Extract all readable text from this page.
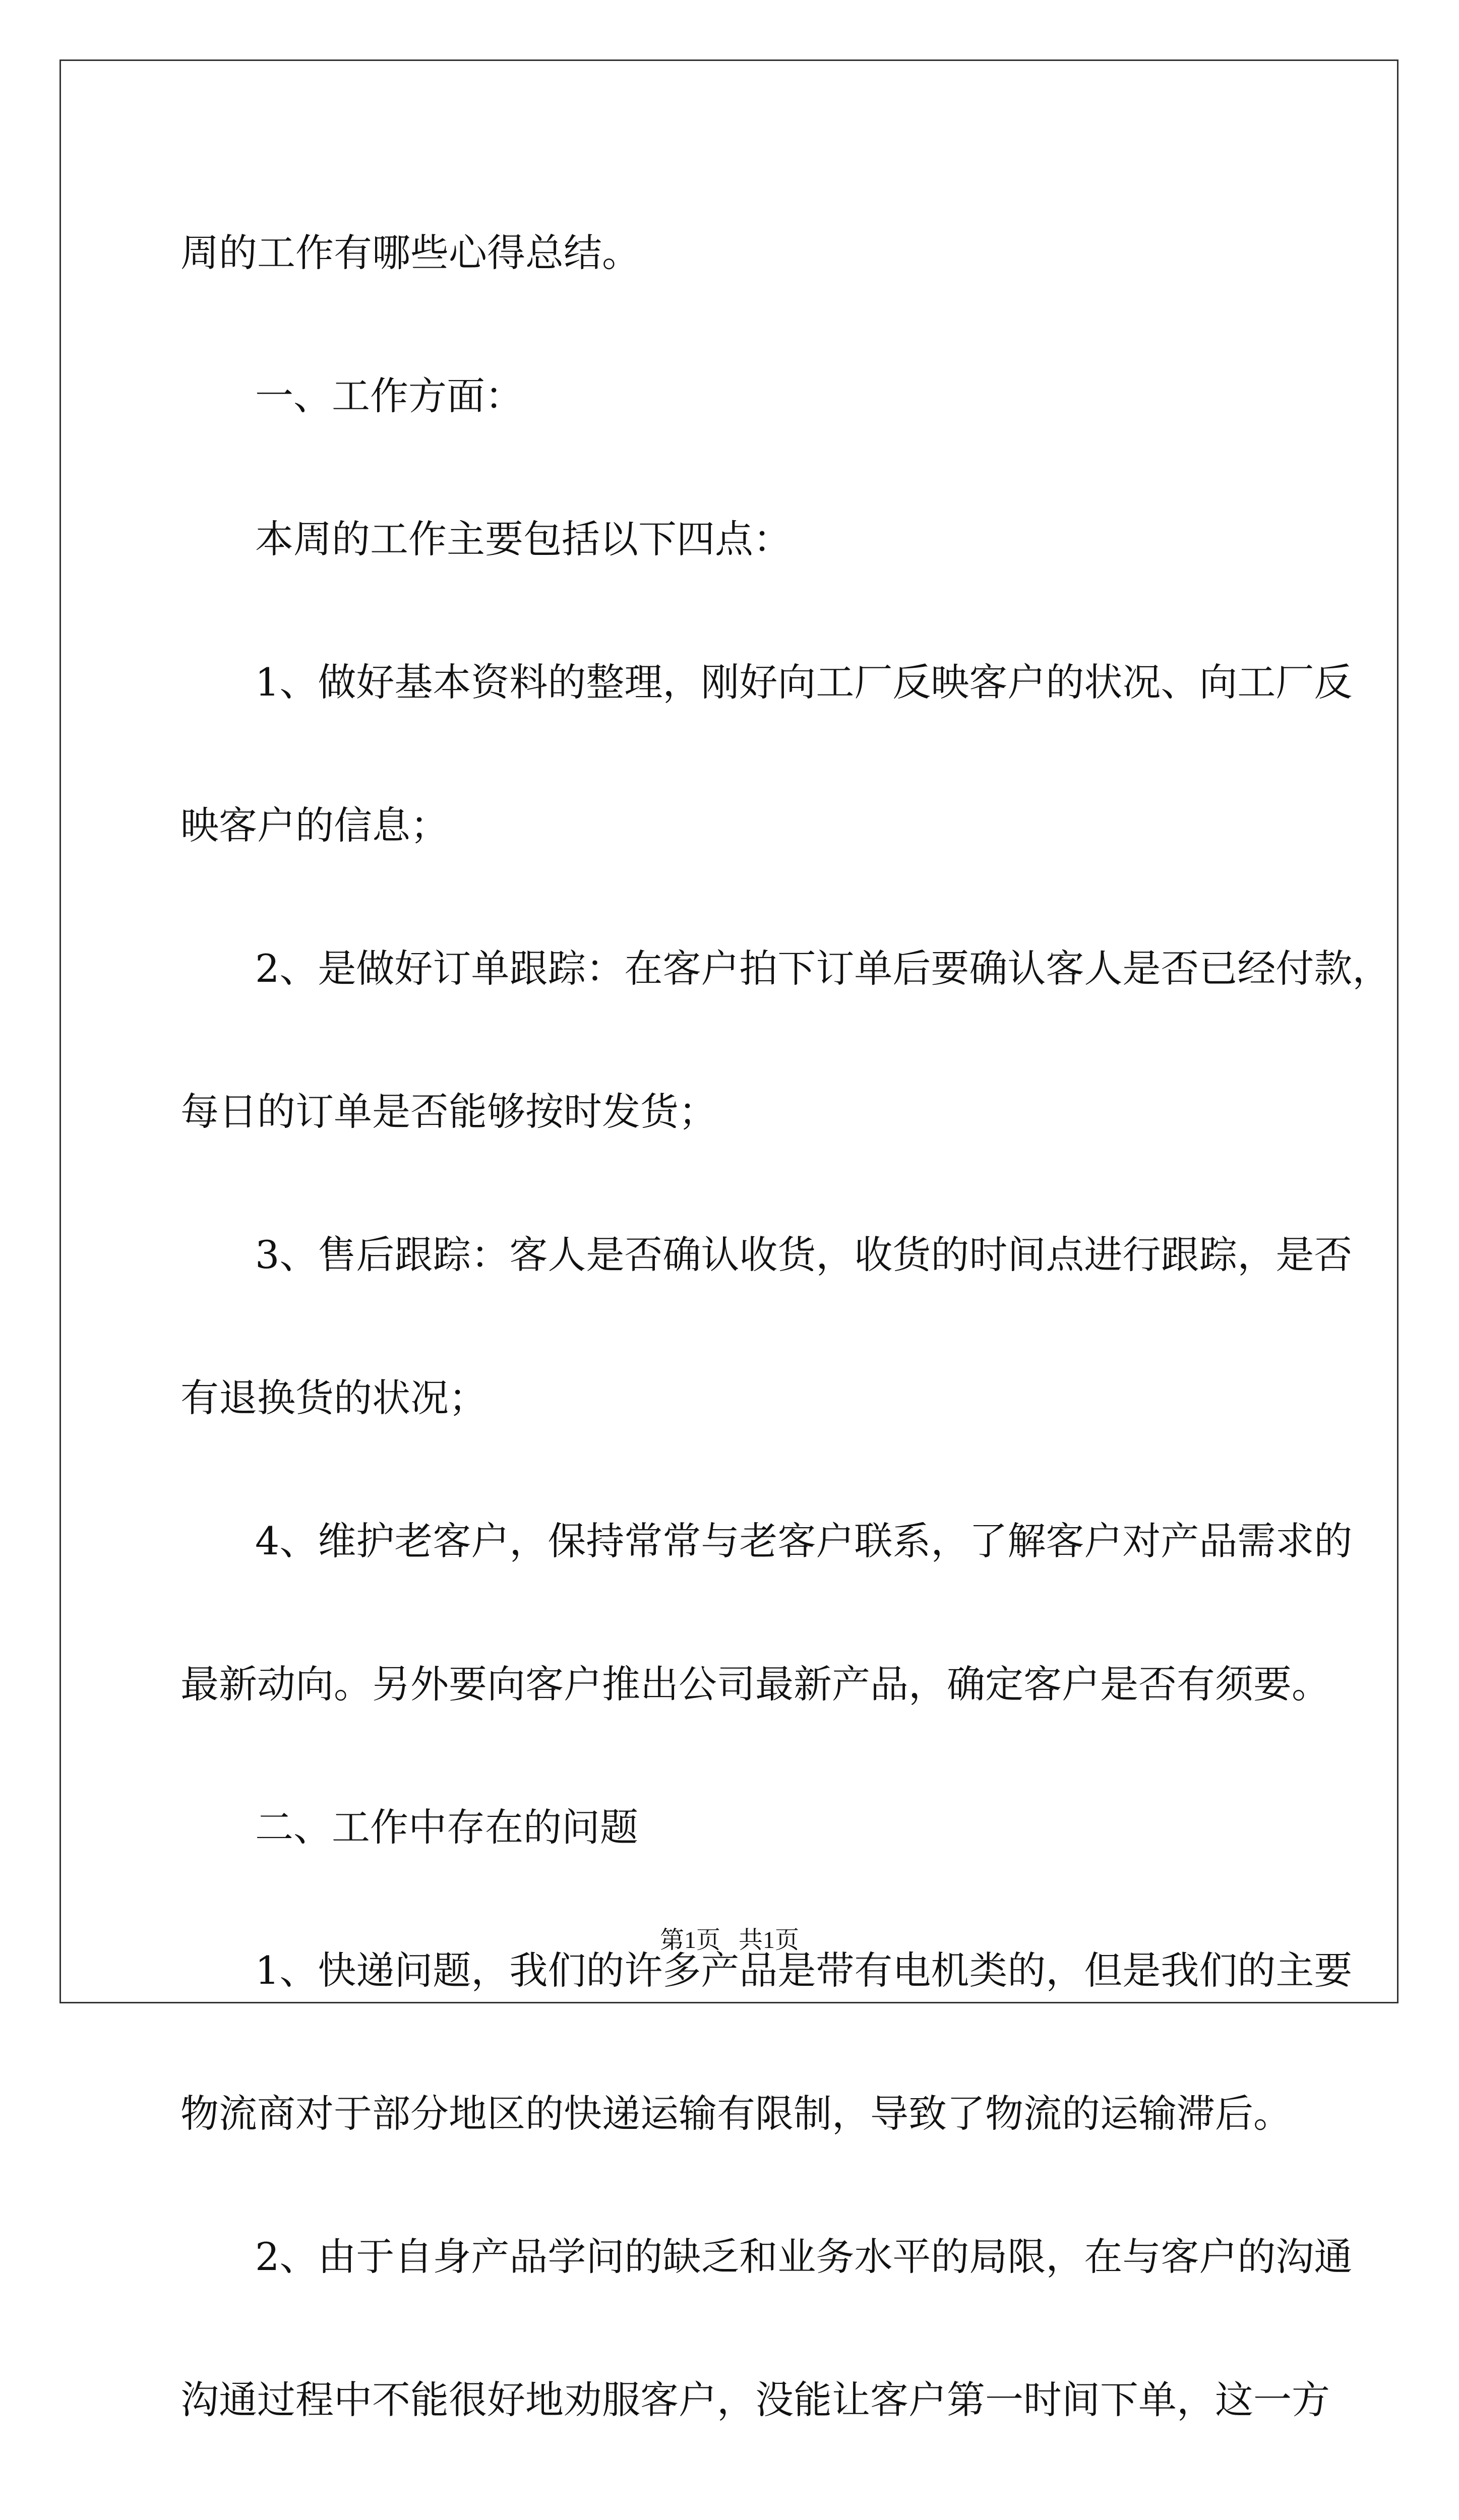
周的工作有哪些心得总结。

一、工作方面：

本周的工作主要包括以下四点：

1、做好基本资料的整理，刚好向工厂反映客户的状况、向工厂反

映客户的信息；

2、是做好订单跟踪：在客户拍下订单后要确认客人是否已经付款，

每日的订单是否能够按时发货；

3、售后跟踪：客人是否确认收货，收货的时间点进行跟踪，是否

有退换货的状况；

4、维护老客户，保持常常与老客户联系，了解客户对产品需求的

最新动向。另外要向客户推出公司最新产品，确定客户是否有须要。

二、工作中存在的问题

1、快递问题，我们的许多产品是带有电机类的，但是我们的主要

物流商对于部分地区的快递运输有限制，导致了物流的运输滞后。

2、由于自身产品学问的缺乏和业务水平的局限，在与客户的沟通

沟通过程中不能很好地劝服客户，没能让客户第一时间下单，这一方

第1页   共1页
